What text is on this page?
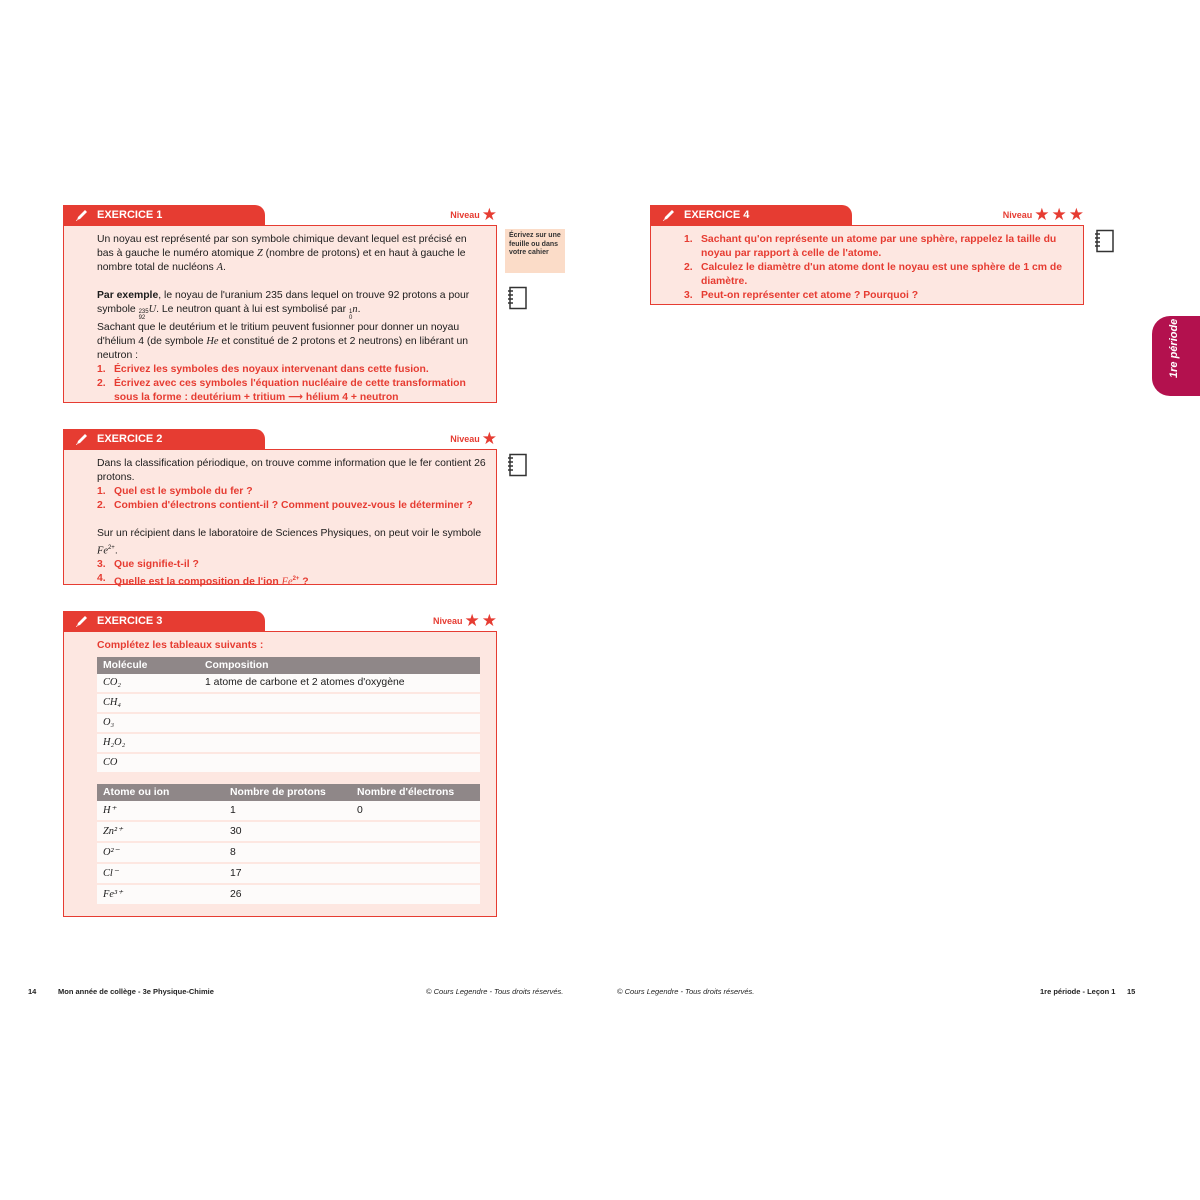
EXERCICE 1	Niveau ★

Un noyau est représenté par son symbole chimique devant lequel est précisé en bas à gauche le numéro atomique Z (nombre de protons) et en haut à gauche le nombre total de nucléons A.

Par exemple, le noyau de l'uranium 235 dans lequel on trouve 92 protons a pour symbole 235
92
U. Le neutron quant à lui est symbolisé par 1
0
n.

Sachant que le deutérium et le tritium peuvent fusionner pour donner un noyau d'hélium 4 (de symbole He et constitué de 2 protons et 2 neutrons) en libérant un neutron :

1. Écrivez les symboles des noyaux intervenant dans cette fusion.
2. Écrivez avec ces symboles l'équation nucléaire de cette transformation sous la forme : deutérium + tritium ⟶ hélium 4 + neutron
Écrivez sur une feuille ou dans votre cahier
EXERCICE 2	Niveau ★

Dans la classification périodique, on trouve comme information que le fer contient 26 protons.

1. Quel est le symbole du fer ?
2. Combien d'électrons contient-il ? Comment pouvez-vous le déterminer ?

Sur un récipient dans le laboratoire de Sciences Physiques, on peut voir le symbole $Fe^{2+}$.

3. Que signifie-t-il ?
4. Quelle est la composition de l'ion $Fe^{2+}$ ?
EXERCICE 3	Niveau ★ ★

Complétez les tableaux suivants :

Molécule	Composition
CO₂	1 atome de carbone et 2 atomes d'oxygène
CH₄	
O₃	
H₂O₂	
CO	
Atome ou ion	Nombre de protons	Nombre d'électrons
H⁺	1	0
Zn²⁺	30	
O²⁻	8	
Cl⁻	17	
Fe³⁺	26	
EXERCICE 4	Niveau ★ ★ ★
1. Sachant qu'on représente un atome par une sphère, rappelez la taille du noyau par rapport à celle de l'atome.
2. Calculez le diamètre d'un atome dont le noyau est une sphère de 1 cm de diamètre.
3. Peut-on représenter cet atome ? Pourquoi ?
1re période
14	Mon année de collège - 3e Physique-Chimie	© Cours Legendre - Tous droits réservés.	© Cours Legendre - Tous droits réservés.	1re période - Leçon 1 15
